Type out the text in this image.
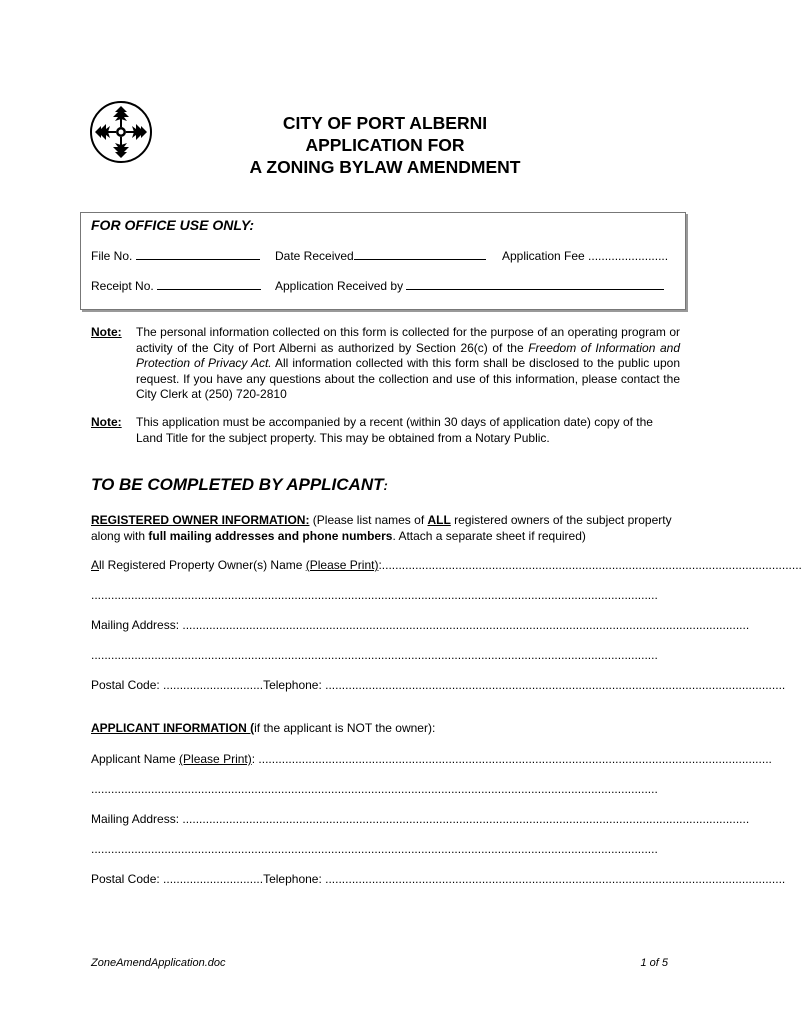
CITY OF PORT ALBERNI
APPLICATION FOR
A ZONING BYLAW AMENDMENT
FOR OFFICE USE ONLY:
File No.	Date Received	Application Fee ........................
Receipt No.	Application Received by
Note: The personal information collected on this form is collected for the purpose of an operating program or activity of the City of Port Alberni as authorized by Section 26(c) of the Freedom of Information and Protection of Privacy Act. All information collected with this form shall be disclosed to the public upon request. If you have any questions about the collection and use of this information, please contact the City Clerk at (250) 720-2810
Note: This application must be accompanied by a recent (within 30 days of application date) copy of the Land Title for the subject property. This may be obtained from a Notary Public.
TO BE COMPLETED BY APPLICANT:
REGISTERED OWNER INFORMATION: (Please list names of ALL registered owners of the subject property along with full mailing addresses and phone numbers. Attach a separate sheet if required)
All Registered Property Owner(s) Name (Please Print):..............................................................................................................................
..........................................................................................................................................................................
Mailing Address: ..........................................................................................................................................................................
..........................................................................................................................................................................
Postal Code: ..............................Telephone: ..........................................................................................................................................
APPLICANT INFORMATION (if the applicant is NOT the owner):
Applicant Name (Please Print): ..........................................................................................................................................................
..........................................................................................................................................................................
Mailing Address: ..........................................................................................................................................................................
..........................................................................................................................................................................
Postal Code: ..............................Telephone: ..........................................................................................................................................
ZoneAmendApplication.doc	1 of 5
